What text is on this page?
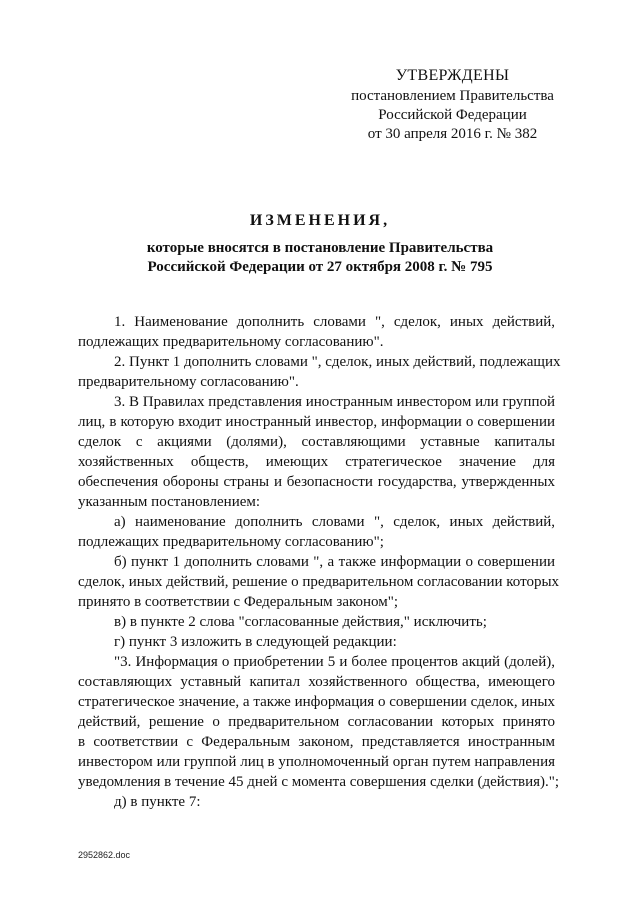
УТВЕРЖДЕНЫ
постановлением Правительства
Российской Федерации
от 30 апреля 2016 г. № 382
ИЗМЕНЕНИЯ,
которые вносятся в постановление Правительства
Российской Федерации от 27 октября 2008 г. № 795
1. Наименование дополнить словами ", сделок, иных действий,
подлежащих предварительному согласованию".
2. Пункт 1 дополнить словами ", сделок, иных действий, подлежащих
предварительному согласованию".
3. В Правилах представления иностранным инвестором или группой
лиц, в которую входит иностранный инвестор, информации о совершении
сделок с акциями (долями), составляющими уставные капиталы
хозяйственных обществ, имеющих стратегическое значение для
обеспечения обороны страны и безопасности государства, утвержденных
указанным постановлением:
а) наименование дополнить словами ", сделок, иных действий,
подлежащих предварительному согласованию";
б) пункт 1 дополнить словами ", а также информации о совершении
сделок, иных действий, решение о предварительном согласовании которых
принято в соответствии с Федеральным законом";
в) в пункте 2 слова "согласованные действия," исключить;
г) пункт 3 изложить в следующей редакции:
"3. Информация о приобретении 5 и более процентов акций (долей),
составляющих уставный капитал хозяйственного общества, имеющего
стратегическое значение, а также информация о совершении сделок, иных
действий, решение о предварительном согласовании которых принято
в соответствии с Федеральным законом, представляется иностранным
инвестором или группой лиц в уполномоченный орган путем направления
уведомления в течение 45 дней с момента совершения сделки (действия).";
д) в пункте 7:
2952862.doc
